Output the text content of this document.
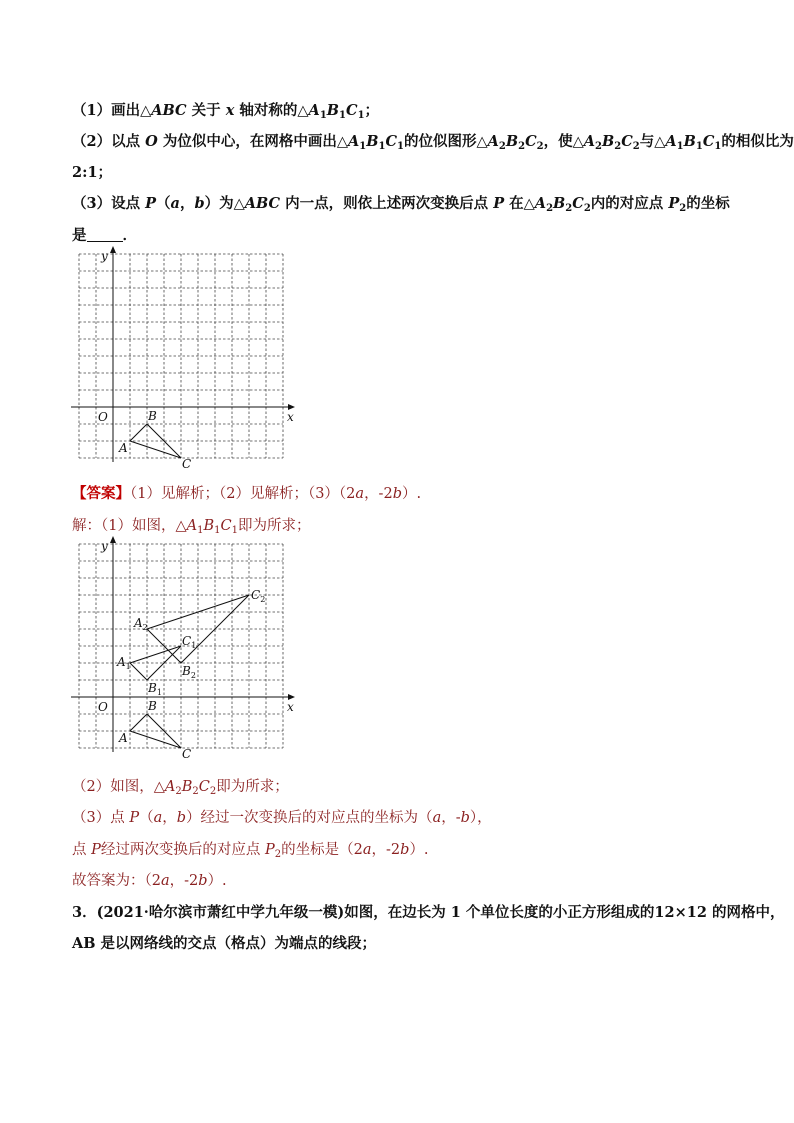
（1）画出△ABC 关于 x 轴对称的$\triangle A_1B_1C_1$；
（2）以点 O 为位似中心，在网格中画出$\triangle A_1B_1C_1$的位似图形$\triangle A_2B_2C_2$，使$\triangle A_2B_2C_2$与$\triangle A_1B_1C_1$的相似比为
2:1；
（3）设点 P（a，b）为△ABC 内一点，则依上述两次变换后点 P 在$\triangle A_2B_2C_2$内的对应点 $P_2$的坐标
是 ．
x
y
O
A
B
C
【答案】（1）见解析；（2）见解析；（3）（2a，-2b）.
解：（1）如图，$\triangle A_1B_1C_1$即为所求；
x
y
O
A
B
C
$A_1$
$B_1$
$C_1$
$A_2$
$B_2$
$C_2$
（2）如图，$\triangle A_2B_2C_2$即为所求；
（3）点 P（a，b）经过一次变换后的对应点的坐标为（a，-b），
点 P经过两次变换后的对应点 $P_2$的坐标是（2a，-2b）.
故答案为：（2a，-2b）.
3．(2021·哈尔滨市萧红中学九年级一模)如图，在边长为 1 个单位长度的小正方形组成的12×12 的网格中，
AB 是以网络线的交点（格点）为端点的线段；
